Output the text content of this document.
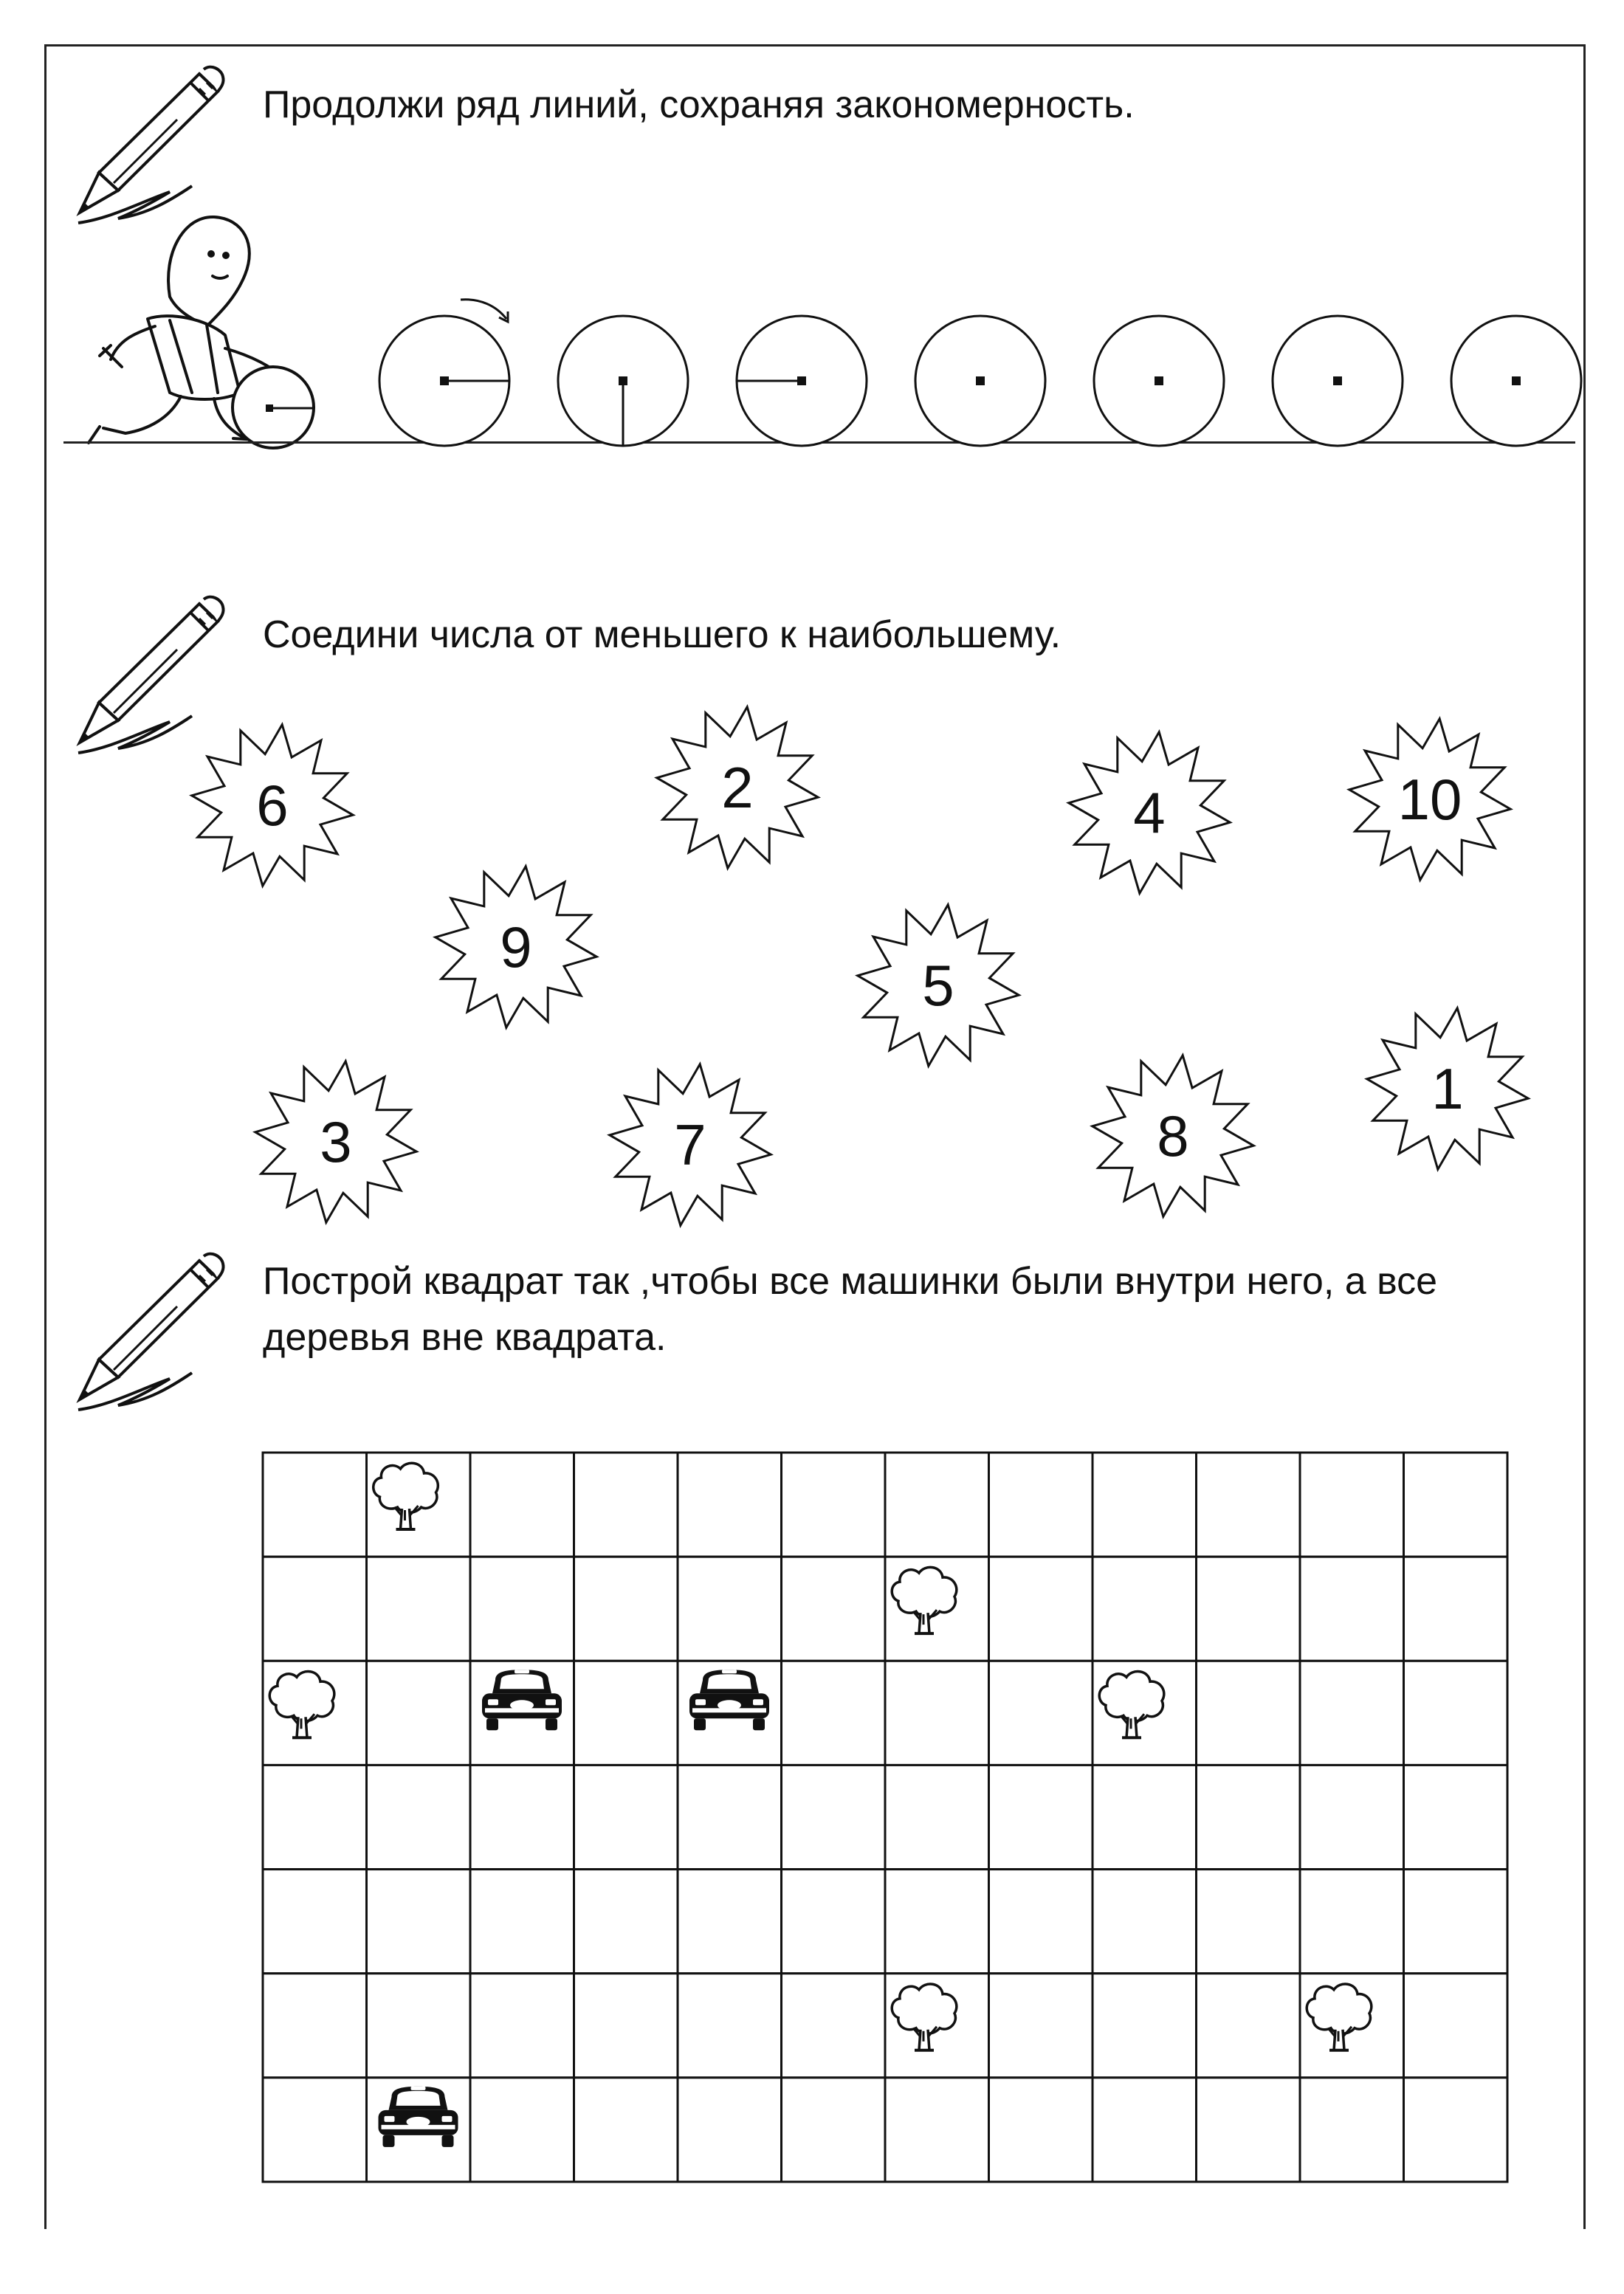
Продолжи ряд линий, сохраняя закономерность.

Соедини числа от меньшего к наибольшему.

6	2	4	10
9
5
3	7	8
1

Построй квадрат так ,чтобы все машинки были внутри него, а все деревья вне квадрата.
